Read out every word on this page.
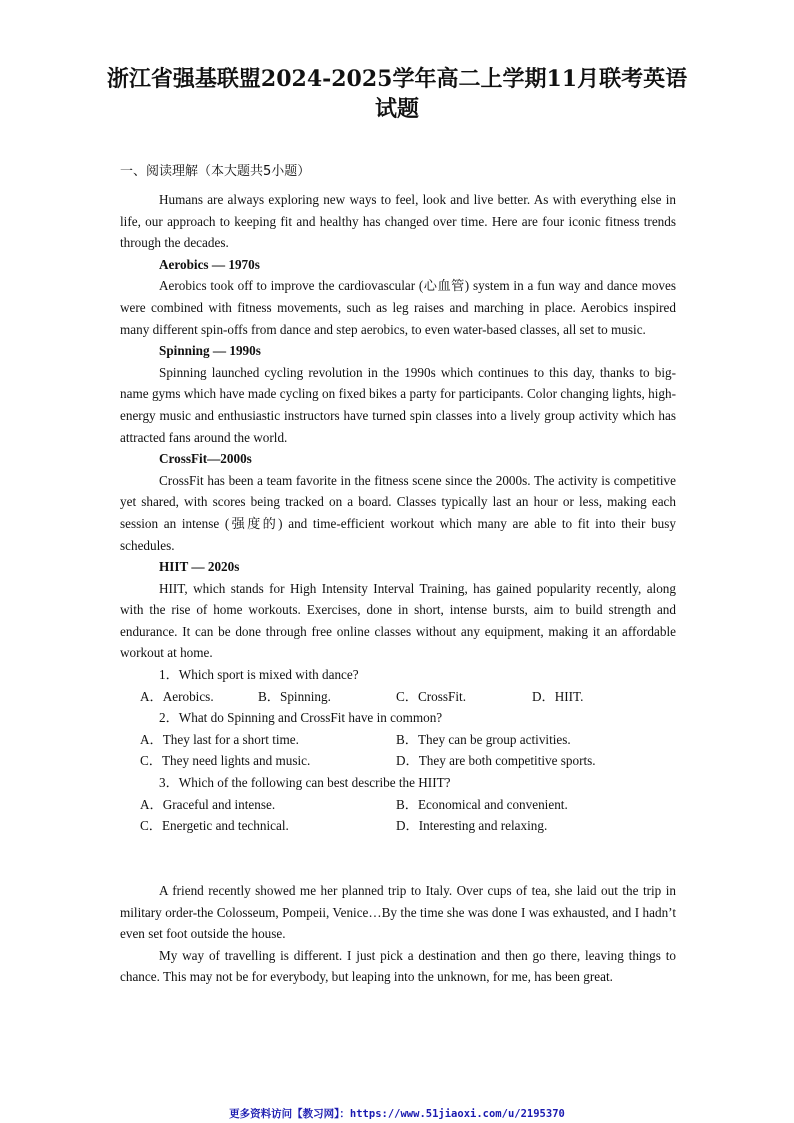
浙江省强基联盟2024-2025学年高二上学期11月联考英语试题
一、阅读理解（本大题共5小题）

Humans are always exploring new ways to feel, look and live better. As with everything else in life, our approach to keeping fit and healthy has changed over time. Here are four iconic fitness trends through the decades.

Aerobics — 1970s

Aerobics took off to improve the cardiovascular (心血管) system in a fun way and dance moves were combined with fitness movements, such as leg raises and marching in place. Aerobics inspired many different spin-offs from dance and step aerobics, to even water-based classes, all set to music.

Spinning — 1990s

Spinning launched cycling revolution in the 1990s which continues to this day, thanks to big-name gyms which have made cycling on fixed bikes a party for participants. Color changing lights, high-energy music and enthusiastic instructors have turned spin classes into a lively group activity which has attracted fans around the world.

CrossFit—2000s

CrossFit has been a team favorite in the fitness scene since the 2000s. The activity is competitive yet shared, with scores being tracked on a board. Classes typically last an hour or less, making each session an intense (强度的) and time-efficient workout which many are able to fit into their busy schedules.

HIIT — 2020s

HIIT, which stands for High Intensity Interval Training, has gained popularity recently, along with the rise of home workouts. Exercises, done in short, intense bursts, aim to build strength and endurance. It can be done through free online classes without any equipment, making it an affordable workout at home.

1．Which sport is mixed with dance?

A．Aerobics.	B．Spinning.	C．CrossFit.	D．HIIT.

2．What do Spinning and CrossFit have in common?

A．They last for a short time.	B．They can be group activities.
C．They need lights and music.	D．They are both competitive sports.

3．Which of the following can best describe the HIIT?

A．Graceful and intense.	B．Economical and convenient.
C．Energetic and technical.	D．Interesting and relaxing.

A friend recently showed me her planned trip to Italy. Over cups of tea, she laid out the trip in military order-the Colosseum, Pompeii, Venice…By the time she was done I was exhausted, and I hadn’t even set foot outside the house.

My way of travelling is different. I just pick a destination and then go there, leaving things to chance. This may not be for everybody, but leaping into the unknown, for me, has been great.

更多资料访问【教习网】：https://www.51jiaoxi.com/u/2195370
